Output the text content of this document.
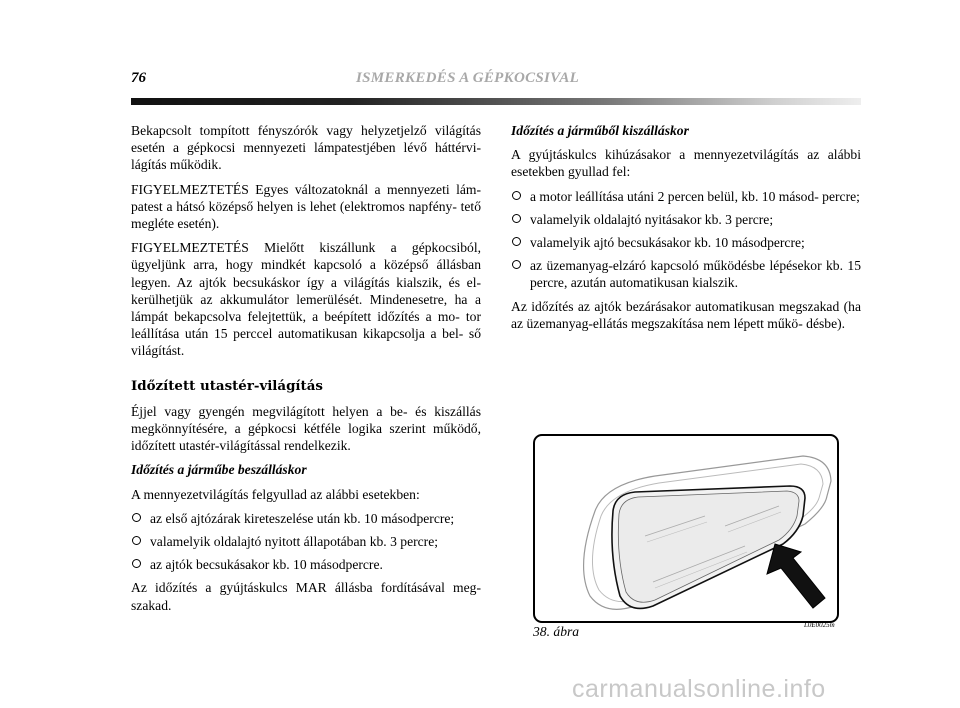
76	ISMERKEDÉS A GÉPKOCSIVAL

Bekapcsolt tompított fényszórók vagy helyzetjelző világítás esetén a gépkocsi mennyezeti lámpatestjében lévő háttérvi- lágítás működik.

FIGYELMEZTETÉS Egyes változatoknál a mennyezeti lám- patest a hátsó középső helyen is lehet (elektromos napfény- tető megléte esetén).

FIGYELMEZTETÉS Mielőtt kiszállunk a gépkocsiból, ügyeljünk arra, hogy mindkét kapcsoló a középső állásban legyen. Az ajtók becsukáskor így a világítás kialszik, és el- kerülhetjük az akkumulátor lemerülését. Mindenesetre, ha a lámpát bekapcsolva felejtettük, a beépített időzítés a mo- tor leállítása után 15 perccel automatikusan kikapcsolja a bel- ső világítást.

Időzített utastér-világítás

Éjjel vagy gyengén megvilágított helyen a be- és kiszállás megkönnyítésére, a gépkocsi kétféle logika szerint működő, időzített utastér-világítással rendelkezik.

Időzítés a járműbe beszálláskor

A mennyezetvilágítás felgyullad az alábbi esetekben:

az első ajtózárak kireteszelése után kb. 10 másodpercre;
valamelyik oldalajtó nyitott állapotában kb. 3 percre;
az ajtók becsukásakor kb. 10 másodpercre.

Az időzítés a gyújtáskulcs MAR állásba fordításával meg- szakad.

Időzítés a járműből kiszálláskor

A gyújtáskulcs kihúzásakor a mennyezetvilágítás az alábbi esetekben gyullad fel:

a motor leállítása utáni 2 percen belül, kb. 10 másod- percre;
valamelyik oldalajtó nyitásakor kb. 3 percre;
valamelyik ajtó becsukásakor kb. 10 másodpercre;
az üzemanyag-elzáró kapcsoló működésbe lépésekor kb. 15 percre, azután automatikusan kialszik.

Az időzítés az ajtók bezárásakor automatikusan megszakad (ha az üzemanyag-ellátás megszakítása nem lépett műkö- désbe).

38. ábra	L0E0025m
carmanualsonline.info
